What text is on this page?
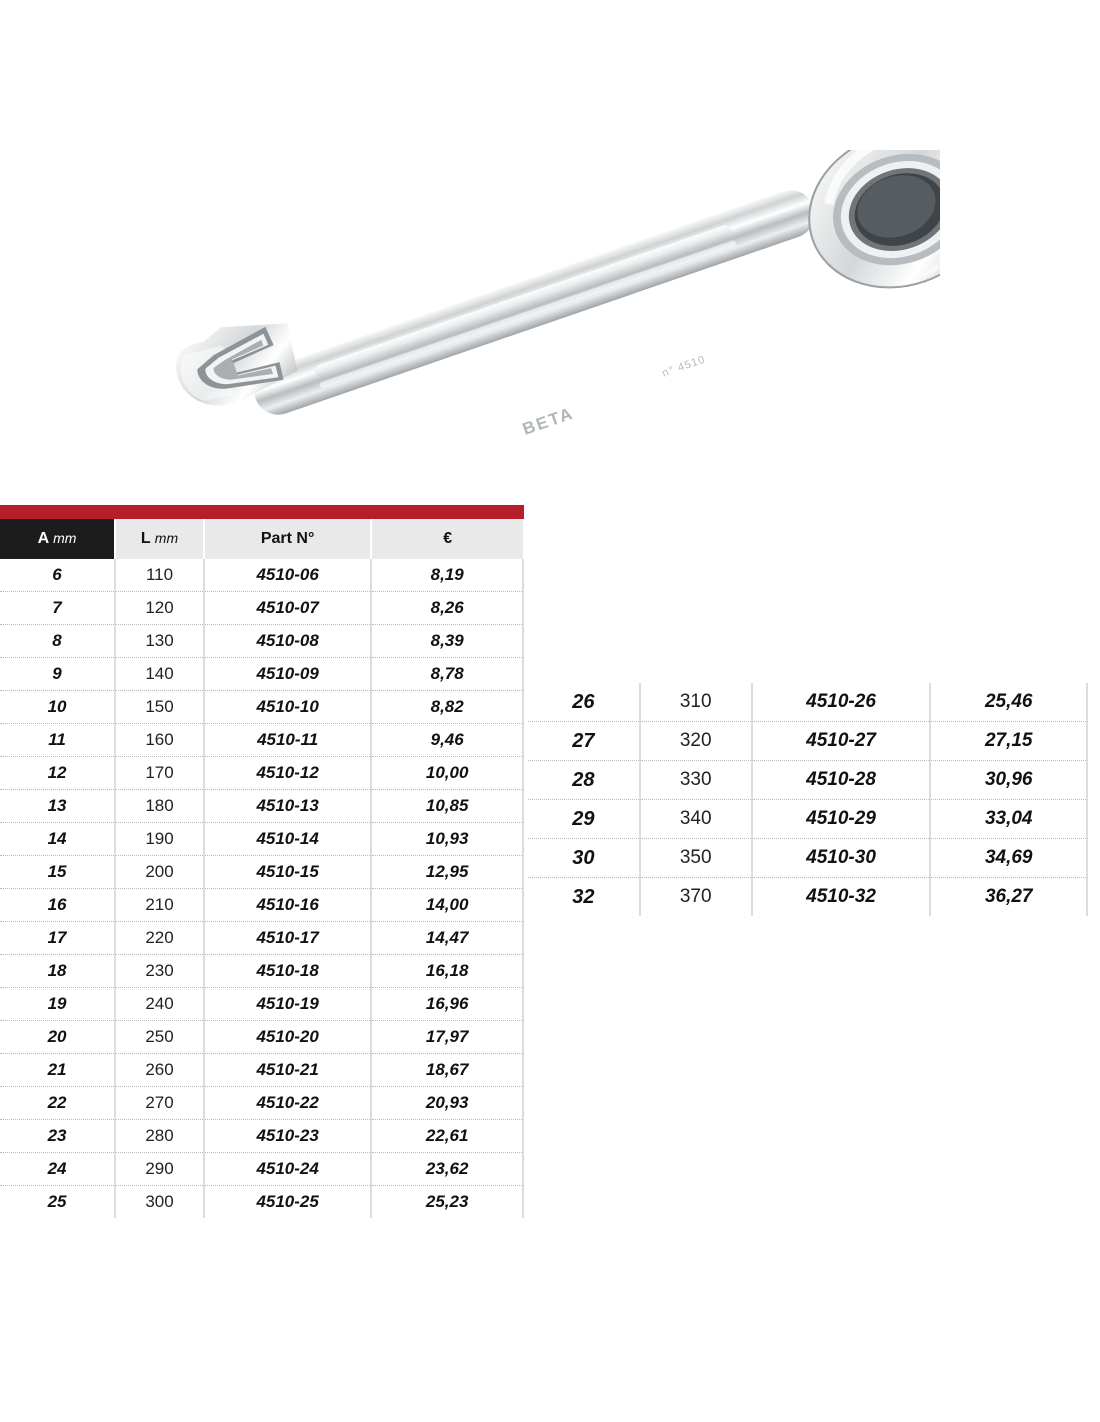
BETA
n° 4510
A mm	L mm	Part N°	€
6	110	4510-06	8,19
7	120	4510-07	8,26
8	130	4510-08	8,39
9	140	4510-09	8,78
10	150	4510-10	8,82
11	160	4510-11	9,46
12	170	4510-12	10,00
13	180	4510-13	10,85
14	190	4510-14	10,93
15	200	4510-15	12,95
16	210	4510-16	14,00
17	220	4510-17	14,47
18	230	4510-18	16,18
19	240	4510-19	16,96
20	250	4510-20	17,97
21	260	4510-21	18,67
22	270	4510-22	20,93
23	280	4510-23	22,61
24	290	4510-24	23,62
25	300	4510-25	25,23
26	310	4510-26	25,46
27	320	4510-27	27,15
28	330	4510-28	30,96
29	340	4510-29	33,04
30	350	4510-30	34,69
32	370	4510-32	36,27
